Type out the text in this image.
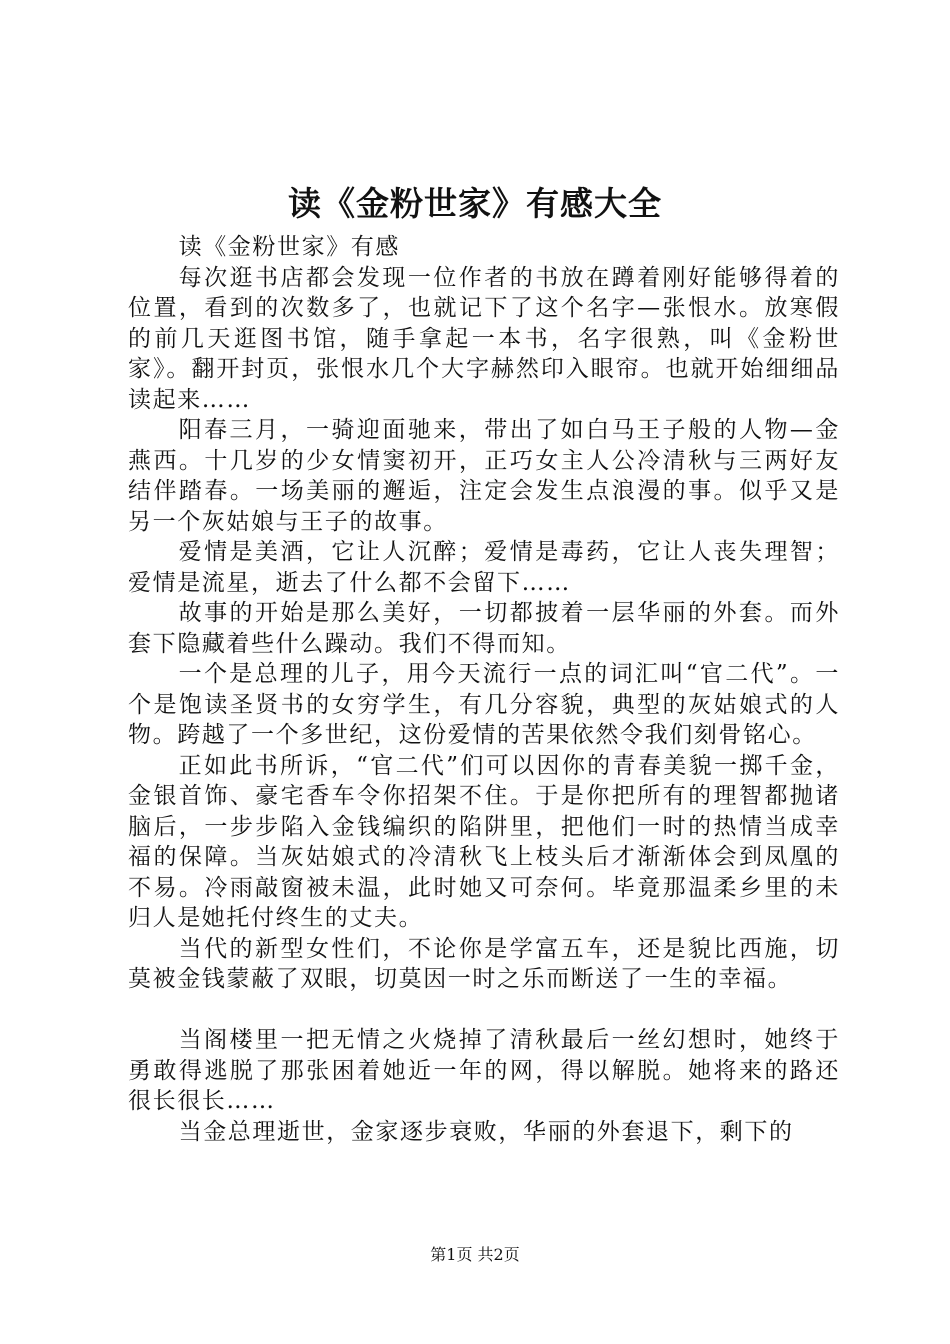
读《金粉世家》有感大全

读《金粉世家》有感

每次逛书店都会发现一位作者的书放在蹲着刚好能够得着的位置，看到的次数多了，也就记下了这个名字—张恨水。放寒假的前几天逛图书馆，随手拿起一本书，名字很熟，叫《金粉世家》。翻开封页，张恨水几个大字赫然印入眼帘。也就开始细细品读起来……

阳春三月，一骑迎面驰来，带出了如白马王子般的人物—金燕西。十几岁的少女情窦初开，正巧女主人公冷清秋与三两好友结伴踏春。一场美丽的邂逅，注定会发生点浪漫的事。似乎又是另一个灰姑娘与王子的故事。

爱情是美酒，它让人沉醉；爱情是毒药，它让人丧失理智；爱情是流星，逝去了什么都不会留下……

故事的开始是那么美好，一切都披着一层华丽的外套。而外套下隐藏着些什么躁动。我们不得而知。

一个是总理的儿子，用今天流行一点的词汇叫“官二代”。一个是饱读圣贤书的女穷学生，有几分容貌，典型的灰姑娘式的人物。跨越了一个多世纪，这份爱情的苦果依然令我们刻骨铭心。

正如此书所诉，“官二代”们可以因你的青春美貌一掷千金，金银首饰、豪宅香车令你招架不住。于是你把所有的理智都抛诸脑后，一步步陷入金钱编织的陷阱里，把他们一时的热情当成幸福的保障。当灰姑娘式的冷清秋飞上枝头后才渐渐体会到凤凰的不易。冷雨敲窗被未温，此时她又可奈何。毕竟那温柔乡里的未归人是她托付终生的丈夫。

当代的新型女性们，不论你是学富五车，还是貌比西施，切莫被金钱蒙蔽了双眼，切莫因一时之乐而断送了一生的幸福。

当阁楼里一把无情之火烧掉了清秋最后一丝幻想时，她终于勇敢得逃脱了那张困着她近一年的网，得以解脱。她将来的路还很长很长……

当金总理逝世，金家逐步衰败，华丽的外套退下，剩下的

第1页 共2页
